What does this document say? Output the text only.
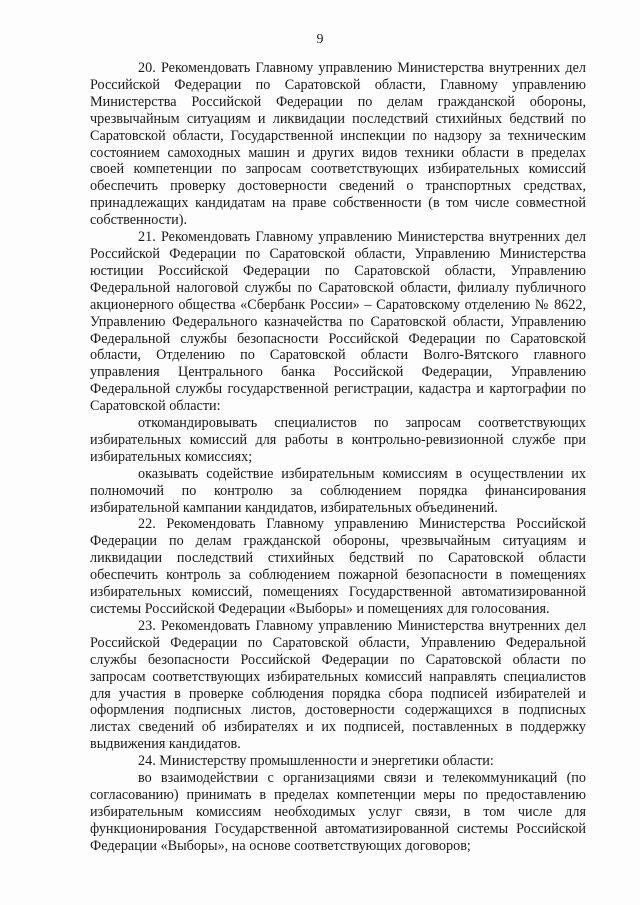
9

20. Рекомендовать Главному управлению Министерства внутренних дел Российской Федерации по Саратовской области, Главному управлению Министерства Российской Федерации по делам гражданской обороны, чрезвычайным ситуациям и ликвидации последствий стихийных бедствий по Саратовской области, Государственной инспекции по надзору за техническим состоянием самоходных машин и других видов техники области в пределах своей компетенции по запросам соответствующих избирательных комиссий обеспечить проверку достоверности сведений о транспортных средствах, принадлежащих кандидатам на праве собственности (в том числе совместной собственности).

21. Рекомендовать Главному управлению Министерства внутренних дел Российской Федерации по Саратовской области, Управлению Министерства юстиции Российской Федерации по Саратовской области, Управлению Федеральной налоговой службы по Саратовской области, филиалу публичного акционерного общества «Сбербанк России» – Саратовскому отделению № 8622, Управлению Федерального казначейства по Саратовской области, Управлению Федеральной службы безопасности Российской Федерации по Саратовской области, Отделению по Саратовской области Волго-Вятского главного управления Центрального банка Российской Федерации, Управлению Федеральной службы государственной регистрации, кадастра и картографии по Саратовской области:

откомандировывать специалистов по запросам соответствующих избирательных комиссий для работы в контрольно-ревизионной службе при избирательных комиссиях;

оказывать содействие избирательным комиссиям в осуществлении их полномочий по контролю за соблюдением порядка финансирования избирательной кампании кандидатов, избирательных объединений.

22. Рекомендовать Главному управлению Министерства Российской Федерации по делам гражданской обороны, чрезвычайным ситуациям и ликвидации последствий стихийных бедствий по Саратовской области обеспечить контроль за соблюдением пожарной безопасности в помещениях избирательных комиссий, помещениях Государственной автоматизированной системы Российской Федерации «Выборы» и помещениях для голосования.

23. Рекомендовать Главному управлению Министерства внутренних дел Российской Федерации по Саратовской области, Управлению Федеральной службы безопасности Российской Федерации по Саратовской области по запросам соответствующих избирательных комиссий направлять специалистов для участия в проверке соблюдения порядка сбора подписей избирателей и оформления подписных листов, достоверности содержащихся в подписных листах сведений об избирателях и их подписей, поставленных в поддержку выдвижения кандидатов.

24. Министерству промышленности и энергетики области:

во взаимодействии с организациями связи и телекоммуникаций (по согласованию) принимать в пределах компетенции меры по предоставлению избирательным комиссиям необходимых услуг связи, в том числе для функционирования Государственной автоматизированной системы Российской Федерации «Выборы», на основе соответствующих договоров;
